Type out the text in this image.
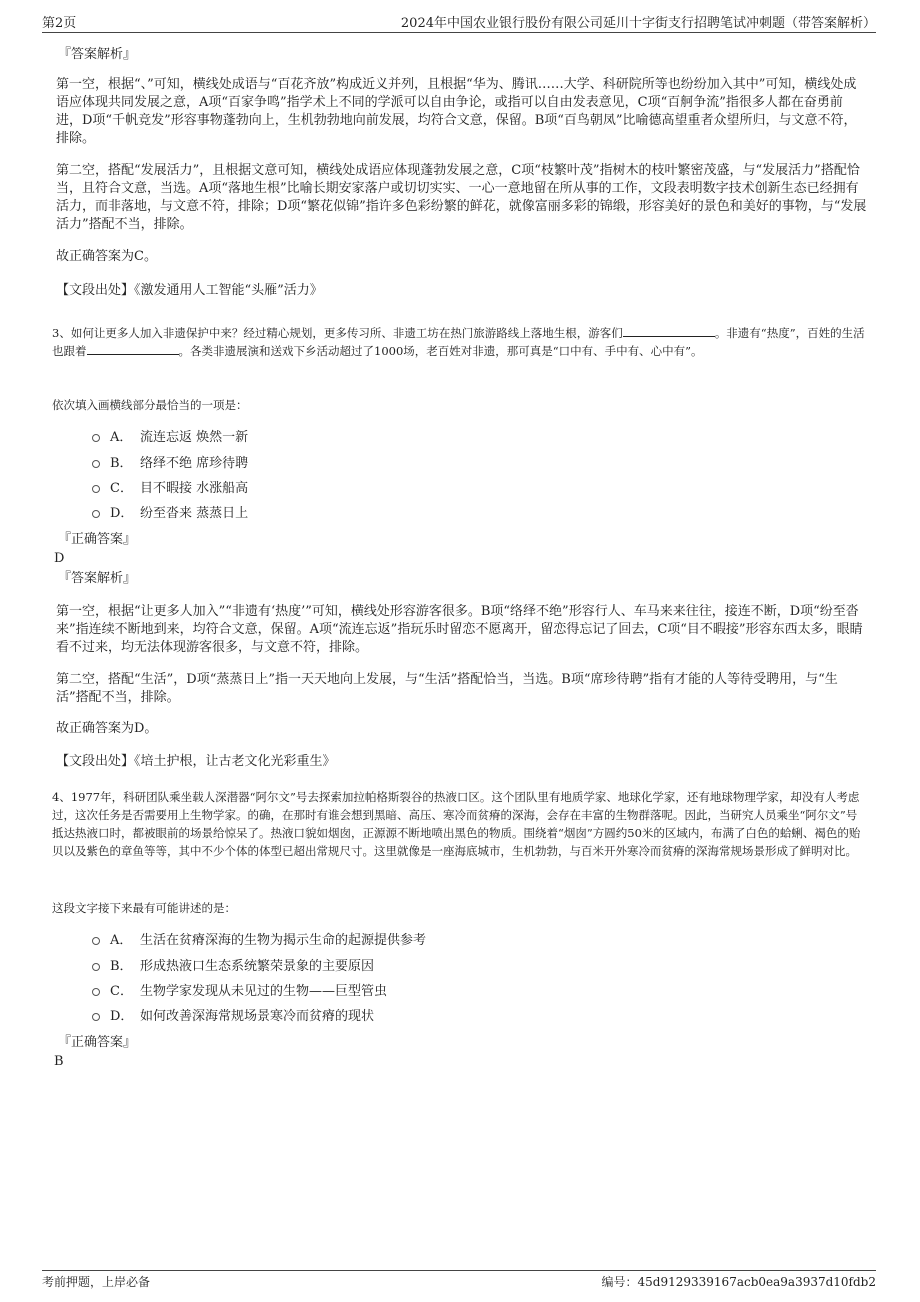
第2页	2024年中国农业银行股份有限公司延川十字街支行招聘笔试冲刺题（带答案解析）
『答案解析』
第一空，根据“、”可知，横线处成语与“百花齐放”构成近义并列，且根据“华为、腾讯……大学、科研院所等也纷纷加入其中”可知，横线处成语应体现共同发展之意，A项“百家争鸣”指学术上不同的学派可以自由争论，或指可以自由发表意见，C项“百舸争流”指很多人都在奋勇前进，D项“千帆竞发”形容事物蓬勃向上，生机勃勃地向前发展，均符合文意，保留。B项“百鸟朝凤”比喻德高望重者众望所归，与文意不符，排除。
第二空，搭配“发展活力”，且根据文意可知，横线处成语应体现蓬勃发展之意，C项“枝繁叶茂”指树木的枝叶繁密茂盛，与“发展活力”搭配恰当，且符合文意，当选。A项“落地生根”比喻长期安家落户或切切实实、一心一意地留在所从事的工作，文段表明数字技术创新生态已经拥有活力，而非落地，与文意不符，排除；D项“繁花似锦”指许多色彩纷繁的鲜花，就像富丽多彩的锦缎，形容美好的景色和美好的事物，与“发展活力”搭配不当，排除。
故正确答案为C。
【文段出处】《激发通用人工智能“头雁”活力》
3、如何让更多人加入非遗保护中来？经过精心规划，更多传习所、非遗工坊在热门旅游路线上落地生根，游客们	。非遗有“热度”，百姓的生活也跟着	。各类非遗展演和送戏下乡活动超过了1000场，老百姓对非遗，那可真是“口中有、手中有、心中有”。
依次填入画横线部分最恰当的一项是：
A． 流连忘返 焕然一新
B． 络绎不绝 席珍待聘
C． 目不暇接 水涨船高
D． 纷至沓来 蒸蒸日上
『正确答案』
D
『答案解析』
第一空，根据“让更多人加入”“非遗有‘热度’”可知，横线处形容游客很多。B项“络绎不绝”形容行人、车马来来往往，接连不断，D项“纷至沓来”指连续不断地到来，均符合文意，保留。A项“流连忘返”指玩乐时留恋不愿离开，留恋得忘记了回去，C项“目不暇接”形容东西太多，眼睛看不过来，均无法体现游客很多，与文意不符，排除。
第二空，搭配“生活”，D项“蒸蒸日上”指一天天地向上发展，与“生活”搭配恰当，当选。B项“席珍待聘”指有才能的人等待受聘用，与“生活”搭配不当，排除。
故正确答案为D。
【文段出处】《培土护根，让古老文化光彩重生》
4、1977年，科研团队乘坐载人深潜器“阿尔文”号去探索加拉帕格斯裂谷的热液口区。这个团队里有地质学家、地球化学家，还有地球物理学家，却没有人考虑过，这次任务是否需要用上生物学家。的确，在那时有谁会想到黑暗、高压、寒冷而贫瘠的深海，会存在丰富的生物群落呢。因此，当研究人员乘坐“阿尔文”号抵达热液口时，都被眼前的场景给惊呆了。热液口貌如烟囱，正源源不断地喷出黑色的物质。围绕着“烟囱”方圆约50米的区域内，布满了白色的蛤蜊、褐色的贻贝以及紫色的章鱼等等，其中不少个体的体型已超出常规尺寸。这里就像是一座海底城市，生机勃勃，与百米开外寒冷而贫瘠的深海常规场景形成了鲜明对比。
这段文字接下来最有可能讲述的是：
A． 生活在贫瘠深海的生物为揭示生命的起源提供参考
B． 形成热液口生态系统繁荣景象的主要原因
C． 生物学家发现从未见过的生物——巨型管虫
D． 如何改善深海常规场景寒冷而贫瘠的现状
『正确答案』
B
考前押题，上岸必备	编号：45d9129339167acb0ea9a3937d10fdb2
